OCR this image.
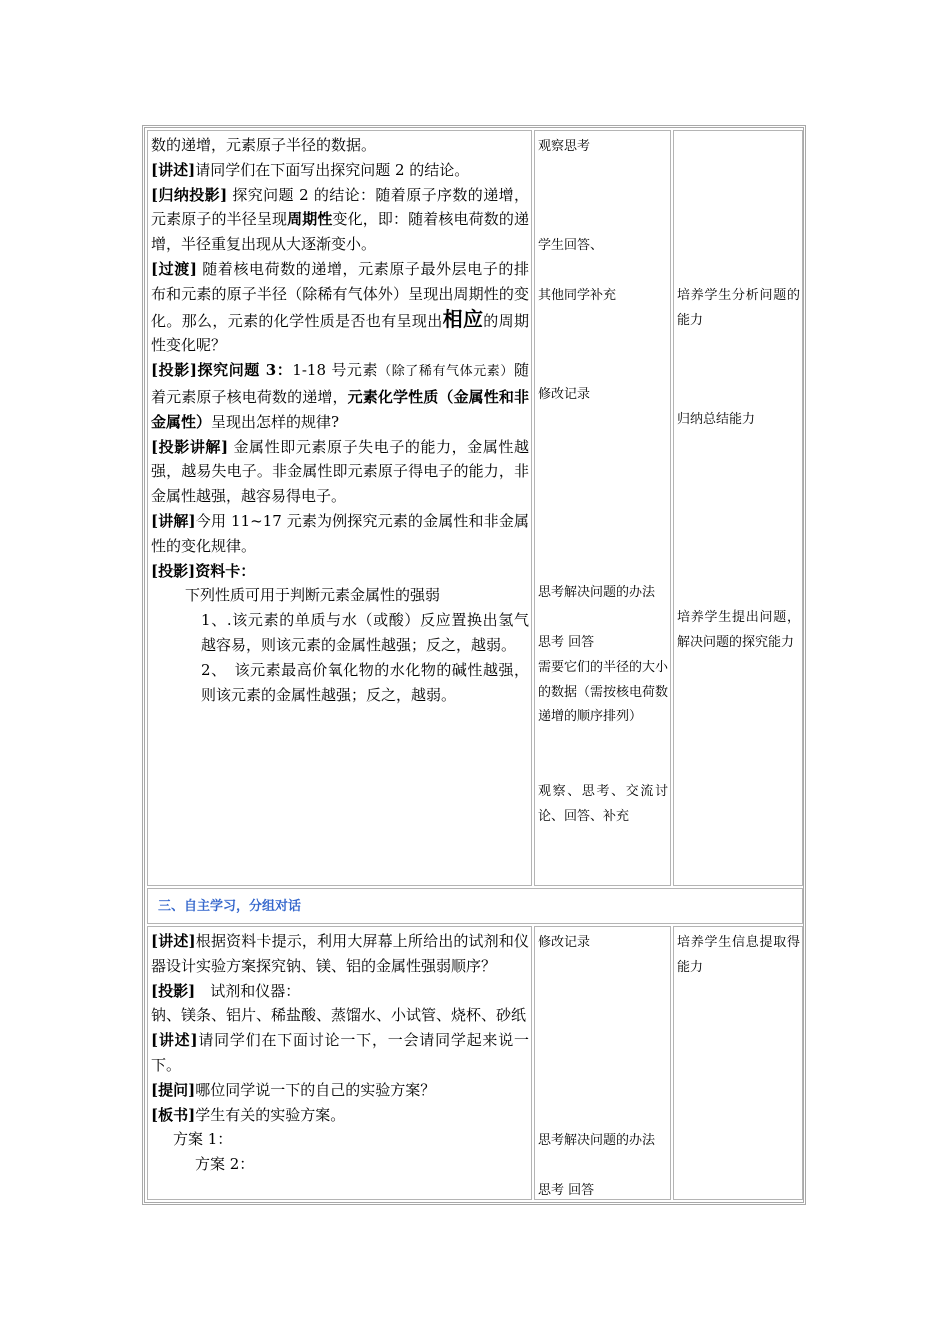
数的递增，元素原子半径的数据。

[讲述]请同学们在下面写出探究问题 2 的结论。

[归纳投影] 探究问题 2 的结论：随着原子序数的递增，元素原子的半径呈现周期性变化，即：随着核电荷数的递增，半径重复出现从大逐渐变小。

[过渡] 随着核电荷数的递增，元素原子最外层电子的排布和元素的原子半径（除稀有气体外）呈现出周期性的变化。那么，元素的化学性质是否也有呈现出相应的周期性变化呢？

[投影]探究问题 3：1-18 号元素（除了稀有气体元素）随着元素原子核电荷数的递增，元素化学性质（金属性和非金属性）呈现出怎样的规律?

[投影讲解] 金属性即元素原子失电子的能力，金属性越强，越易失电子。非金属性即元素原子得电子的能力，非金属性越强，越容易得电子。

[讲解]今用 11~17 元素为例探究元素的金属性和非金属性的变化规律。

[投影]资料卡：

下列性质可用于判断元素金属性的强弱

1、.该元素的单质与水（或酸）反应置换出氢气越容易，则该元素的金属性越强；反之，越弱。

2、　该元素最高价氧化物的水化物的碱性越强，则该元素的金属性越强；反之，越弱。

观察思考

学生回答、

其他同学补充

修改记录

思考解决问题的办法

思考 回答

需要它们的半径的大小的数据（需按核电荷数递增的顺序排列）

观察、思考、交流讨论、回答、补充

培养学生分析问题的能力

归纳总结能力

培养学生提出问题，解决问题的探究能力

三、自主学习，分组对话

[讲述]根据资料卡提示，利用大屏幕上所给出的试剂和仪器设计实验方案探究钠、镁、铝的金属性强弱顺序？

[投影]　试剂和仪器：

钠、镁条、铝片、稀盐酸、蒸馏水、小试管、烧杯、砂纸

[讲述]请同学们在下面讨论一下，一会请同学起来说一下。

[提问]哪位同学说一下的自己的实验方案？

[板书]学生有关的实验方案。

方案 1：

方案 2：

修改记录

思考解决问题的办法

思考 回答

培养学生信息提取得能力
